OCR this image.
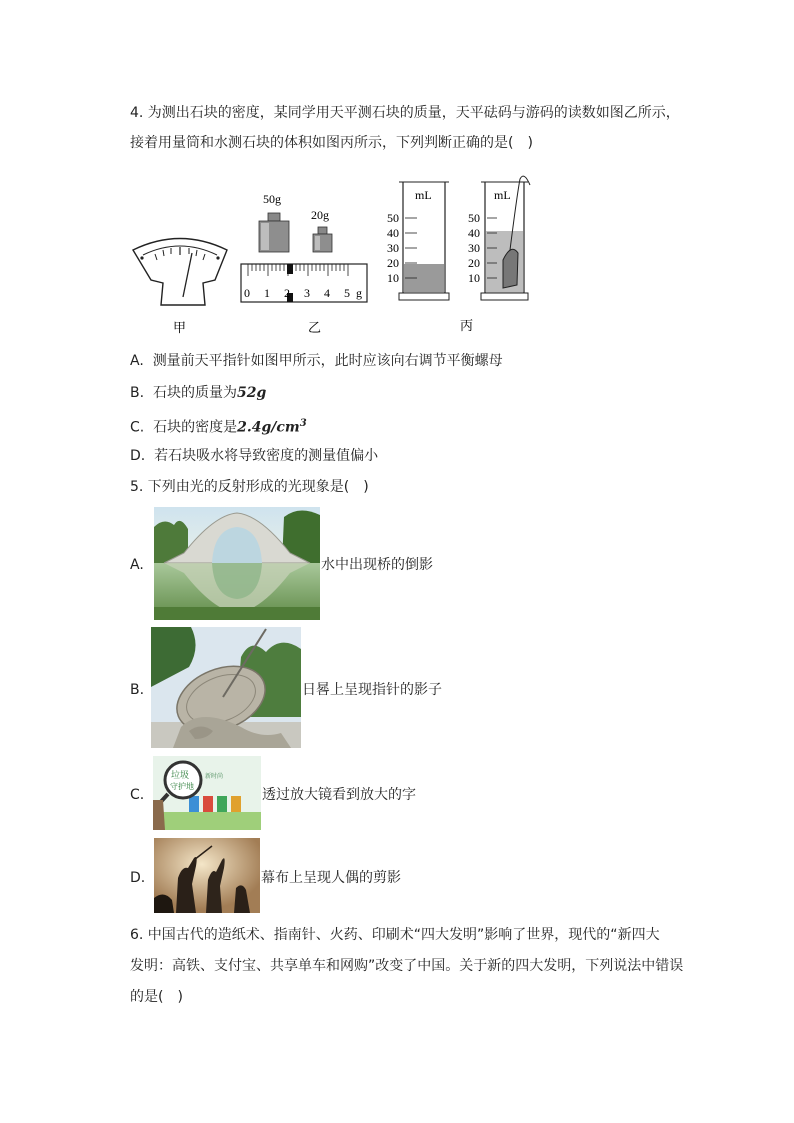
4. 为测出石块的密度，某同学用天平测石块的质量，天平砝码与游码的读数如图乙所示，
接着用量筒和水测石块的体积如图丙所示，下列判断正确的是(　)
甲
50g
20g
0 1 2 3 4 5 g
乙
mL
50
40
30
20
10
mL
50
40
30
20
10
丙
A. 测量前天平指针如图甲所示，此时应该向右调节平衡螺母
B. 石块的质量为52g
C. 石块的密度是$2.4g/cm^3$
D. 若石块吸水将导致密度的测量值偏小
5. 下列由光的反射形成的光现象是(　)
A.	水中出现桥的倒影
B.	日晷上呈现指针的影子
C.
垃圾
守护地
新时尚
透过放大镜看到放大的字
D.	幕布上呈现人偶的剪影
6. 中国古代的造纸术、指南针、火药、印刷术“四大发明”影响了世界，现代的“新四大
发明：高铁、支付宝、共享单车和网购”改变了中国。关于新的四大发明，下列说法中错误
的是(　)
